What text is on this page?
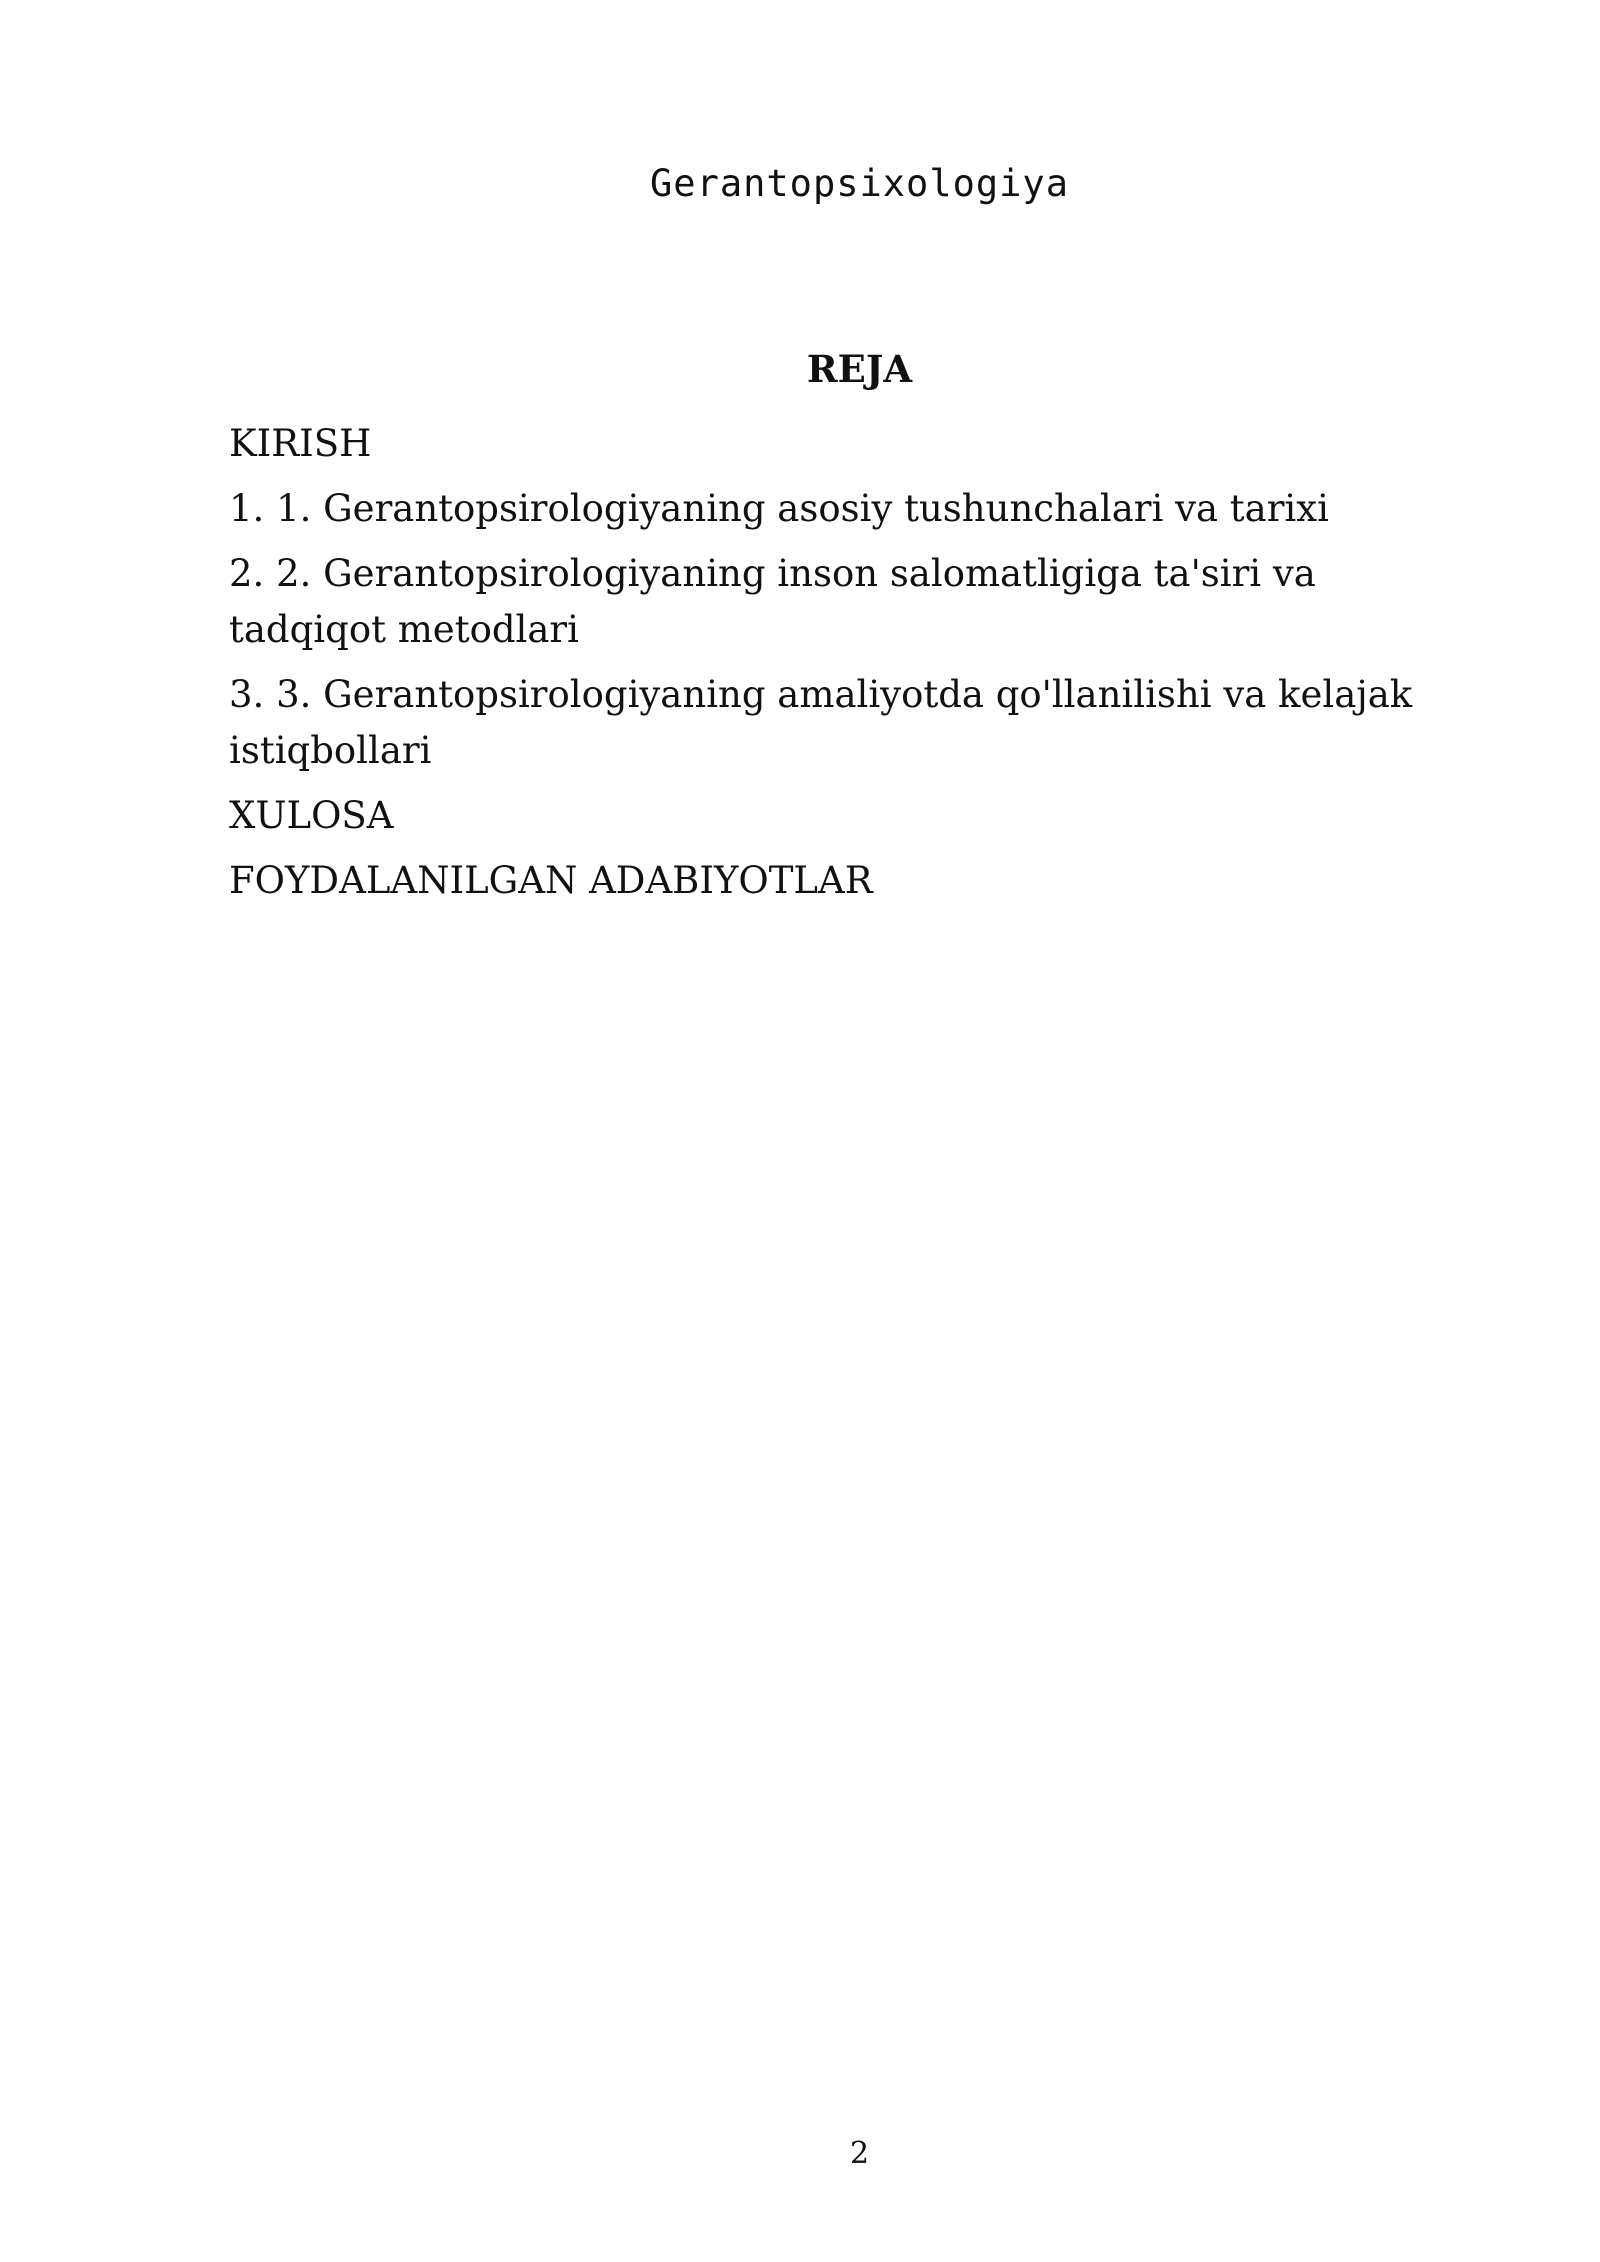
Gerantopsixologiya
REJA
KIRISH
1. 1. Gerantopsirologiyaning asosiy tushunchalari va tarixi
2. 2. Gerantopsirologiyaning inson salomatligiga ta'siri va tadqiqot metodlari
3. 3. Gerantopsirologiyaning amaliyotda qo'llanilishi va kelajak istiqbollari
XULOSA
FOYDALANILGAN ADABIYOTLAR
2
